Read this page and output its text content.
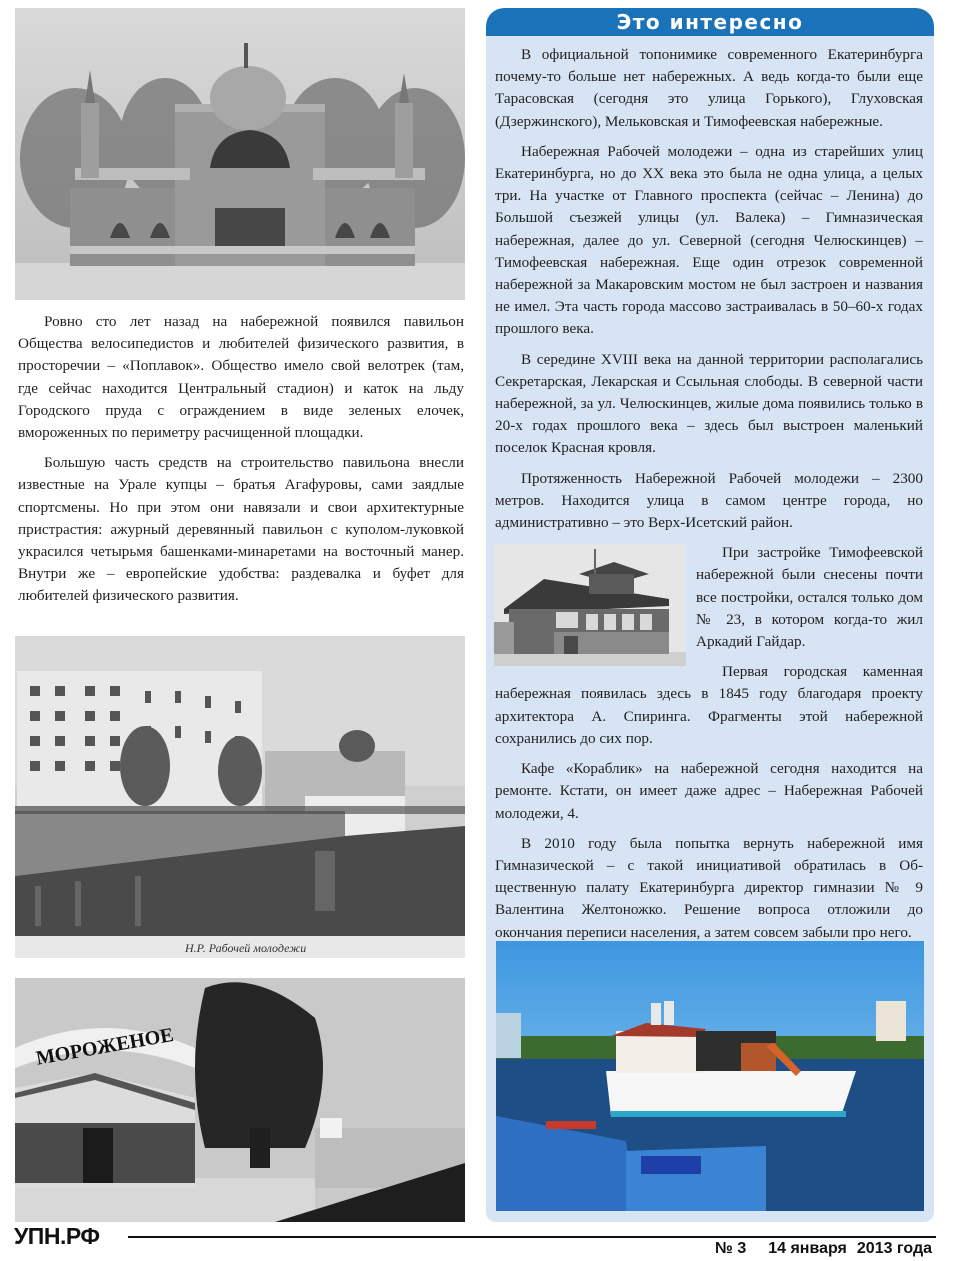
Ровно сто лет назад на набережной появился павильон Общества велосипедистов и любителей физического развития, в просторечии – «Поплавок». Общество имело свой велотрек (там, где сейчас находится Центральный стадион) и каток на льду Городского пруда с ограждением в виде зеленых елочек, вмороженных по периметру расчищенной площадки.

Большую часть средств на строительство павильона внесли известные на Урале купцы – братья Агафуровы, сами заядлые спортсмены. Но при этом они навязали и свои архитектурные пристрастия: ажурный деревянный павильон с куполом-луковкой украсился четырьмя башенками-минаретами на восточный манер. Внутри же – европейские удобства: раздевалка и буфет для любителей физического развития.

Н.Р. Рабочей молодежи
МОРОЖЕНОЕ
Это интересно

В официальной топонимике современного Екатеринбурга почему-то больше нет набережных. А ведь когда-то были еще Тарасовская (сегодня это улица Горького), Глуховская (Дзержинского), Мельковская и Тимофеевская набережные.

Набережная Рабочей молодежи – одна из старейших улиц Екатеринбурга, но до XX века это была не одна улица, а целых три. На участке от Главного проспекта (сейчас – Ленина) до Большой съезжей улицы (ул. Валека) – Гимназическая набережная, далее до ул. Северной (сегодня Челюскинцев) – Тимофеевская набережная. Еще один отрезок современной набережной за Макаровским мостом не был застроен и названия не имел. Эта часть города массово застраивалась в 50–60-х годах прошлого века.

В середине XVIII века на данной территории располагались Секретарская, Лекарская и Ссыльная слободы. В северной части набережной, за ул. Челюскинцев, жилые дома появились только в 20-х годах прошлого века – здесь был выстроен маленький поселок Красная кровля.

Протяженность Набережной Рабочей молодежи – 2300 метров. Находится улица в самом центре города, но административно – это Верх-Исетский район.

При застройке Тимофеевской набережной были снесены почти все постройки, остался только дом № 23, в котором когда-то жил Аркадий Гайдар.

Первая городская каменная набережная появилась здесь в 1845 году благодаря проекту архитектора А. Спиринга. Фрагменты этой набережной сохранились до сих пор.

Кафе «Кораблик» на набережной сегодня находится на ремонте. Кстати, он имеет даже адрес – Набережная Рабочей молодежи, 4.

В 2010 году была попытка вернуть набережной имя Гимназической – с такой инициативой обратилась в Общественную палату Екатеринбурга директор гимназии № 9 Валентина Желтоножко. Решение вопроса отложили до окончания переписи населения, а затем совсем забыли про него.

УПН.РФ	№ 3 14 января 2013 года
